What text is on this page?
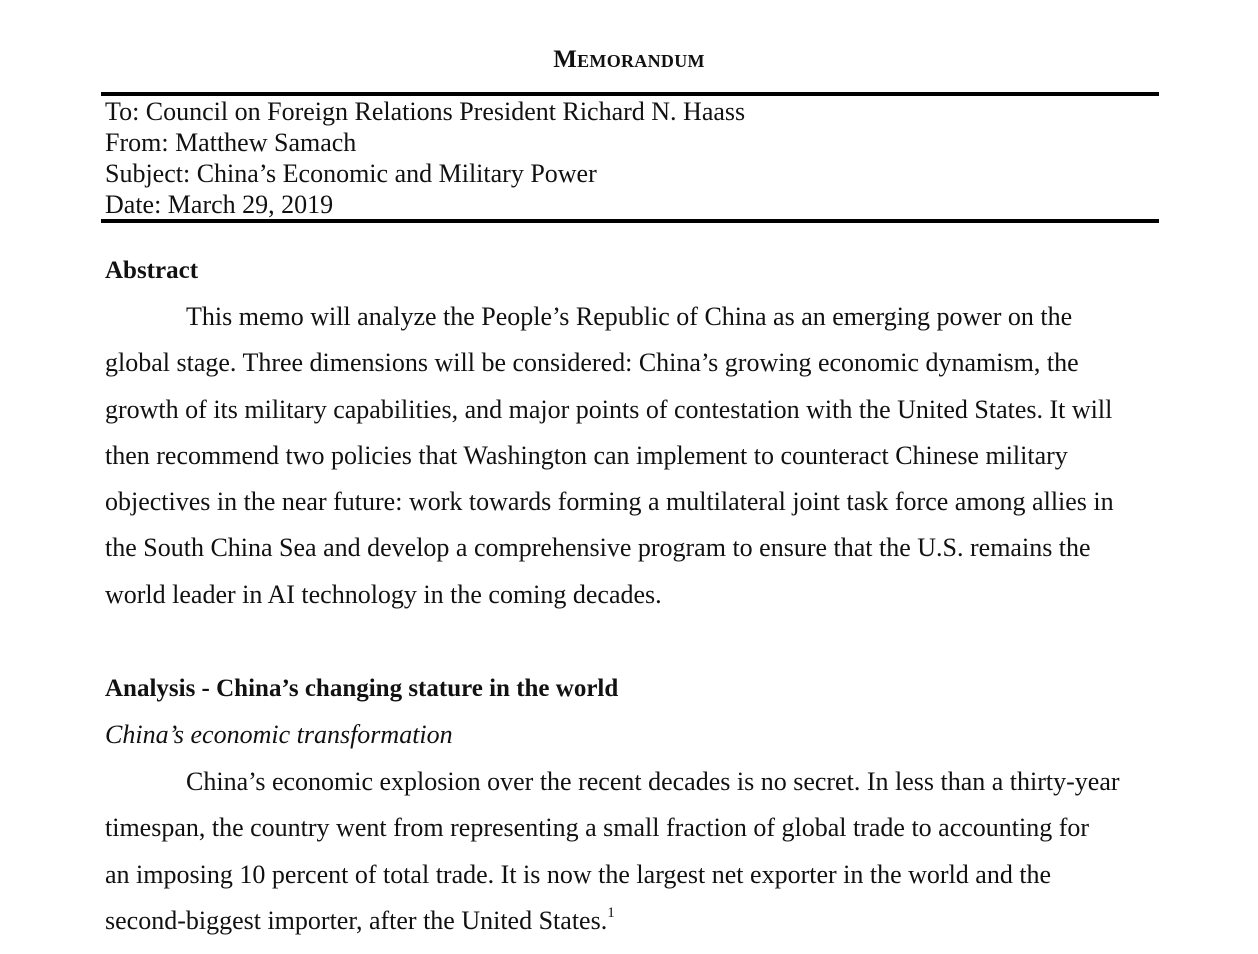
Memorandum
To: Council on Foreign Relations President Richard N. Haass
From: Matthew Samach
Subject: China’s Economic and Military Power
Date: March 29, 2019
Abstract
This memo will analyze the People’s Republic of China as an emerging power on the
global stage. Three dimensions will be considered: China’s growing economic dynamism, the
growth of its military capabilities, and major points of contestation with the United States. It will
then recommend two policies that Washington can implement to counteract Chinese military
objectives in the near future: work towards forming a multilateral joint task force among allies in
the South China Sea and develop a comprehensive program to ensure that the U.S. remains the
world leader in AI technology in the coming decades.
Analysis - China’s changing stature in the world
China’s economic transformation
China’s economic explosion over the recent decades is no secret. In less than a thirty-year
timespan, the country went from representing a small fraction of global trade to accounting for
an imposing 10 percent of total trade. It is now the largest net exporter in the world and the
second-biggest importer, after the United States.$^1$
